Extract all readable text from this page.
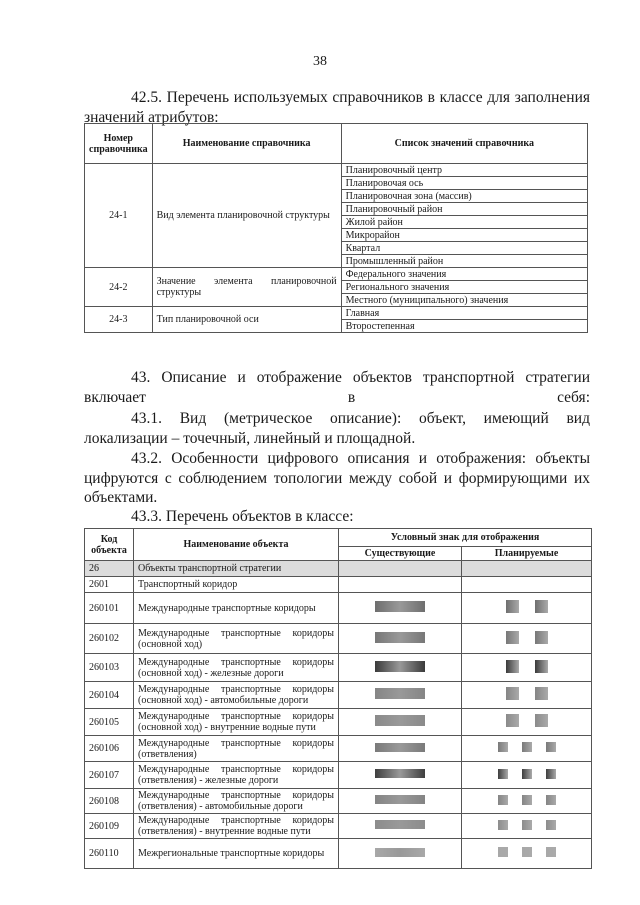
38
42.5. Перечень используемых справочников в классе для заполнения значений атрибутов:
Номер справочника	Наименование справочника	Список значений справочника
24-1	Вид элемента планировочной структуры	Планировочный центр
		Планировочая ось
		Планировочная зона (массив)
		Планировочный район
		Жилой район
		Микрорайон
		Квартал
		Промышленный район
24-2	Значение элемента планировочной структуры	Федерального значения
		Регионального значения
		Местного (муниципального) значения
24-3	Тип планировочной оси	Главная
		Второстепенная
43. Описание и отображение объектов транспортной стратегии включает в себя:
43.1. Вид (метрическое описание): объект, имеющий вид локализации – точечный, линейный и площадной.
43.2. Особенности цифрового описания и отображения: объекты цифруются с соблюдением топологии между собой и формирующими их объектами.
43.3. Перечень объектов в классе:
Код объекта	Наименование объекта	Условный знак для отображения	
		Существующие	Планируемые
26	Объекты транспортной стратегии		
2601	Транспортный коридор		
260101	Международные транспортные коридоры		
260102	Международные транспортные коридоры (основной ход)		
260103	Международные транспортные коридоры (основной ход) - железные дороги		
260104	Международные транспортные коридоры (основной ход) - автомобильные дороги		
260105	Международные транспортные коридоры (основной ход) - внутренние водные пути		
260106	Международные транспортные коридоры (ответвления)		
260107	Международные транспортные коридоры (ответвления) - железные дороги		
260108	Международные транспортные коридоры (ответвления) - автомобильные дороги		
260109	Международные транспортные коридоры (ответвления) - внутренние водные пути		
260110	Межрегиональные транспортные коридоры		
